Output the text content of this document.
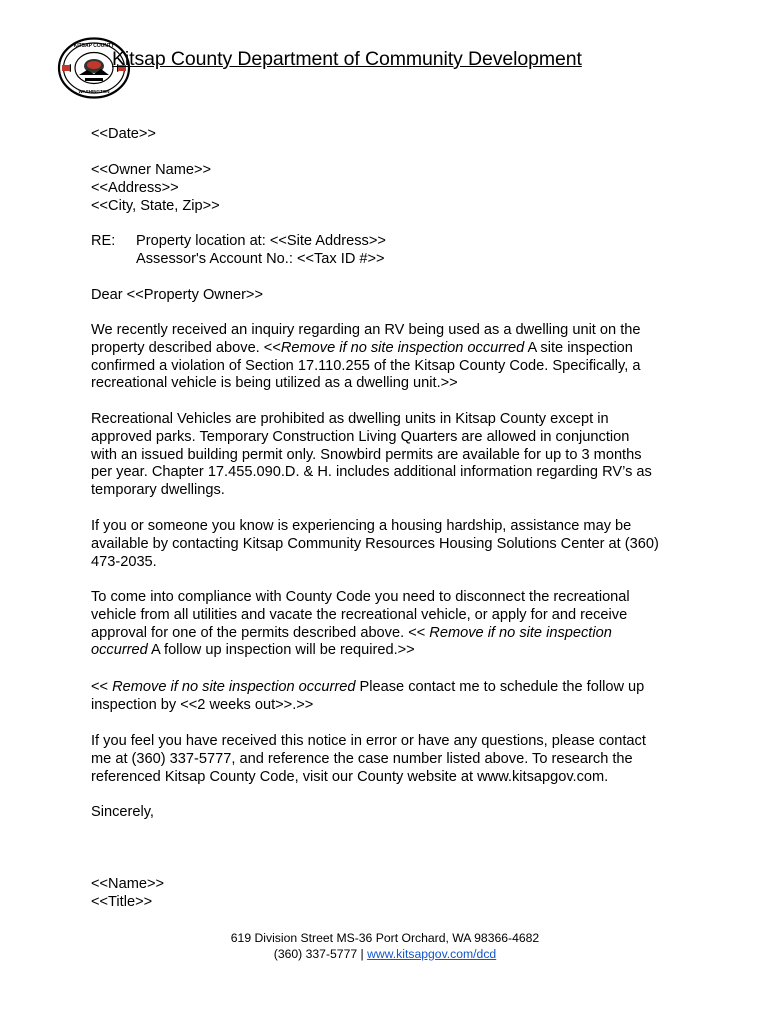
KITSAP COUNTY
WASHINGTON
Kitsap County Department of Community Development
<<Date>>
<<Owner Name>>
<<Address>>
<<City, State, Zip>>
RE: Property location at: <<Site Address>>
Assessor's Account No.: <<Tax ID #>>
Dear <<Property Owner>>
We recently received an inquiry regarding an RV being used as a dwelling unit on the
property described above. <<Remove if no site inspection occurred A site inspection
confirmed a violation of Section 17.110.255 of the Kitsap County Code. Specifically, a
recreational vehicle is being utilized as a dwelling unit.>>
Recreational Vehicles are prohibited as dwelling units in Kitsap County except in
approved parks. Temporary Construction Living Quarters are allowed in conjunction
with an issued building permit only. Snowbird permits are available for up to 3 months
per year. Chapter 17.455.090.D. & H. includes additional information regarding RV’s as
temporary dwellings.
If you or someone you know is experiencing a housing hardship, assistance may be
available by contacting Kitsap Community Resources Housing Solutions Center at (360)
473-2035.
To come into compliance with County Code you need to disconnect the recreational
vehicle from all utilities and vacate the recreational vehicle, or apply for and receive
approval for one of the permits described above. << Remove if no site inspection
occurred A follow up inspection will be required.>>
<< Remove if no site inspection occurred Please contact me to schedule the follow up
inspection by <<2 weeks out>>.>>
If you feel you have received this notice in error or have any questions, please contact
me at (360) 337-5777, and reference the case number listed above. To research the
referenced Kitsap County Code, visit our County website at www.kitsapgov.com.
Sincerely,
<<Name>>
<<Title>>
619 Division Street MS-36 Port Orchard, WA 98366-4682
(360) 337-5777 | www.kitsapgov.com/dcd
